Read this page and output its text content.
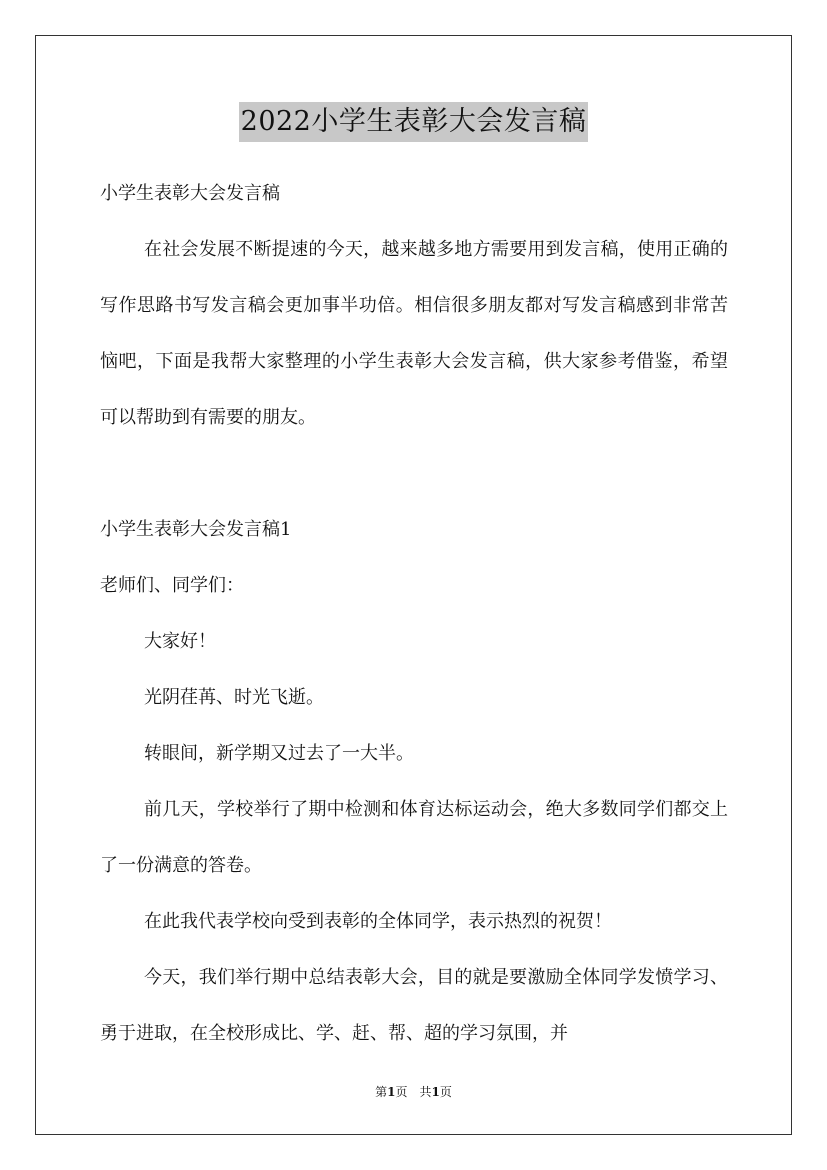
2022小学生表彰大会发言稿

小学生表彰大会发言稿

在社会发展不断提速的今天，越来越多地方需要用到发言稿，使用正确的写作思路书写发言稿会更加事半功倍。相信很多朋友都对写发言稿感到非常苦恼吧，下面是我帮大家整理的小学生表彰大会发言稿，供大家参考借鉴，希望可以帮助到有需要的朋友。

小学生表彰大会发言稿1

老师们、同学们：

大家好！

光阴荏苒、时光飞逝。

转眼间，新学期又过去了一大半。

前几天，学校举行了期中检测和体育达标运动会，绝大多数同学们都交上了一份满意的答卷。

在此我代表学校向受到表彰的全体同学，表示热烈的祝贺！

今天，我们举行期中总结表彰大会，目的就是要激励全体同学发愤学习、勇于进取，在全校形成比、学、赶、帮、超的学习氛围，并

第1页　共1页
